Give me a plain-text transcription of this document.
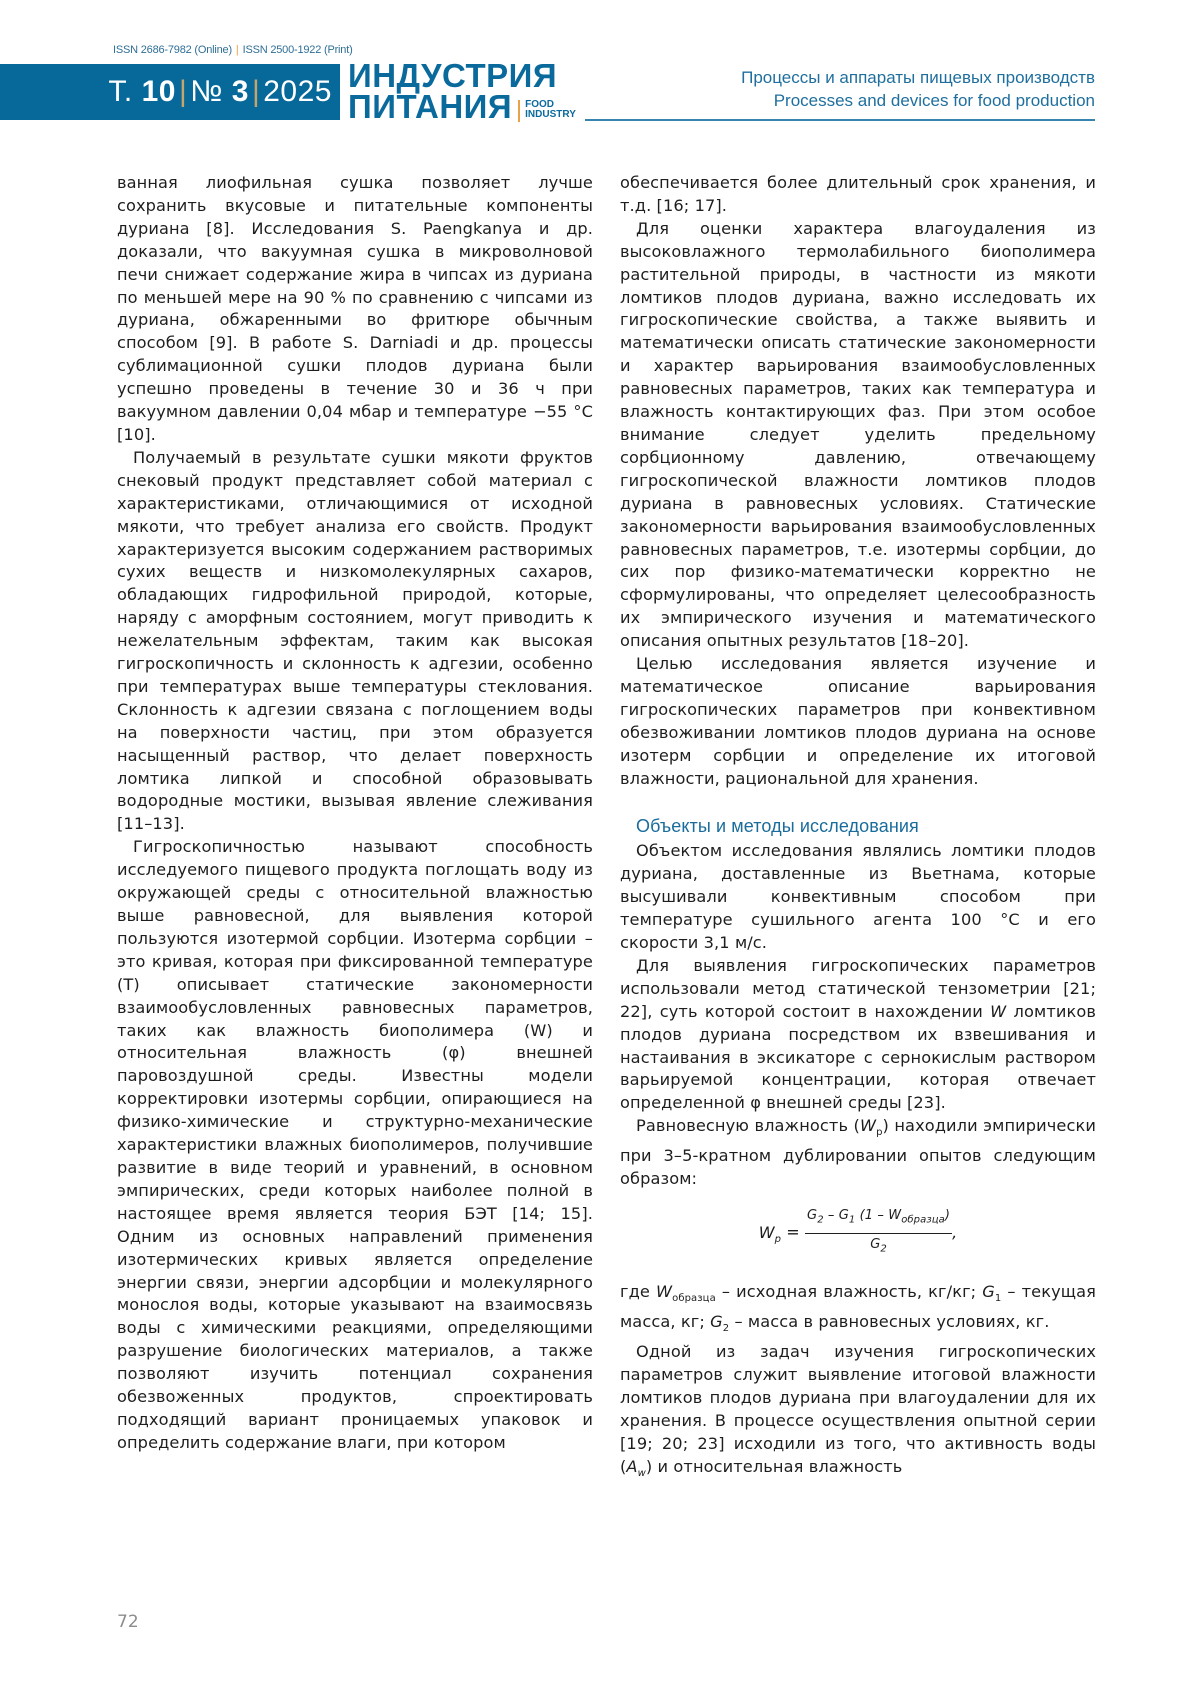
ISSN 2686-7982 (Online) | ISSN 2500-1922 (Print)
Т. 10 | № 3 | 2025 ИНДУСТРИЯ
ПИТАНИЯ	FOOD
INDUSTRY
Процессы и аппараты пищевых производств
Processes and devices for food production

ванная лиофильная сушка позволяет лучше сохранить вкусовые и питательные компоненты дуриана [8]. Исследования S. Paengkanya и др. доказали, что вакуумная сушка в микроволновой печи снижает содержание жира в чипсах из дуриана по меньшей мере на 90 % по сравнению с чипсами из дуриана, обжаренными во фритюре обычным способом [9]. В работе S. Darniadi и др. процессы сублимационной сушки плодов дуриана были успешно проведены в течение 30 и 36 ч при вакуумном давлении 0,04 мбар и температуре −55 °C [10].

Получаемый в результате сушки мякоти фруктов снековый продукт представляет собой материал с характеристиками, отличающимися от исходной мякоти, что требует анализа его свойств. Продукт характеризуется высоким содержанием растворимых сухих веществ и низкомолекулярных сахаров, обладающих гидрофильной природой, которые, наряду с аморфным состоянием, могут приводить к нежелательным эффектам, таким как высокая гигроскопичность и склонность к адгезии, особенно при температурах выше температуры стеклования. Склонность к адгезии связана с поглощением воды на поверхности частиц, при этом образуется насыщенный раствор, что делает поверхность ломтика липкой и способной образовывать водородные мостики, вызывая явление слеживания [11–13].

Гигроскопичностью называют способность исследуемого пищевого продукта поглощать воду из окружающей среды с относительной влажностью выше равновесной, для выявления которой пользуются изотермой сорбции. Изотерма сорбции – это кривая, которая при фиксированной температуре (T) описывает статические закономерности взаимообусловленных равновесных параметров, таких как влажность биополимера (W) и относительная влажность (φ) внешней паровоздушной среды. Известны модели корректировки изотермы сорбции, опирающиеся на физико-химические и структурно-механические характеристики влажных биополимеров, получившие развитие в виде теорий и уравнений, в основном эмпирических, среди которых наиболее полной в настоящее время является теория БЭТ [14; 15]. Одним из основных направлений применения изотермических кривых является определение энергии связи, энергии адсорбции и молекулярного монослоя воды, которые указывают на взаимосвязь воды с химическими реакциями, определяющими разрушение биологических материалов, а также позволяют изучить потенциал сохранения обезвоженных продуктов, спроектировать подходящий вариант проницаемых упаковок и определить содержание влаги, при котором

обеспечивается более длительный срок хранения, и т.д. [16; 17].

Для оценки характера влагоудаления из высоковлажного термолабильного биополимера растительной природы, в частности из мякоти ломтиков плодов дуриана, важно исследовать их гигроскопические свойства, а также выявить и математически описать статические закономерности и характер варьирования взаимообусловленных равновесных параметров, таких как температура и влажность контактирующих фаз. При этом особое внимание следует уделить предельному сорбционному давлению, отвечающему гигроскопической влажности ломтиков плодов дуриана в равновесных условиях. Статические закономерности варьирования взаимообусловленных равновесных параметров, т.е. изотермы сорбции, до сих пор физико-математически корректно не сформулированы, что определяет целесообразность их эмпирического изучения и математического описания опытных результатов [18–20].

Целью исследования является изучение и математическое описание варьирования гигроскопических параметров при конвективном обезвоживании ломтиков плодов дуриана на основе изотерм сорбции и определение их итоговой влажности, рациональной для хранения.

Объекты и методы исследования

Объектом исследования являлись ломтики плодов дуриана, доставленные из Вьетнама, которые высушивали конвективным способом при температуре сушильного агента 100 °C и его скорости 3,1 м/с.

Для выявления гигроскопических параметров использовали метод статической тензометрии [21; 22], суть которой состоит в нахождении W ломтиков плодов дуриана посредством их взвешивания и настаивания в эксикаторе с сернокислым раствором варьируемой концентрации, которая отвечает определенной φ внешней среды [23].

Равновесную влажность $(W_р)$ находили эмпирически при 3–5-кратном дублировании опытов следующим образом:

$W_p = \frac{G_2 - G_1 (1 - W_{образца})}{G_2}$ ,

где $W_{образца}$ – исходная влажность, кг/кг; $G_1$ – текущая масса, кг; $G_2$ – масса в равновесных условиях, кг.

Одной из задач изучения гигроскопических параметров служит выявление итоговой влажности ломтиков плодов дуриана при влагоудалении для их хранения. В процессе осуществления опытной серии [19; 20; 23] исходили из того, что активность воды $(A_w)$ и относительная влажность

72
